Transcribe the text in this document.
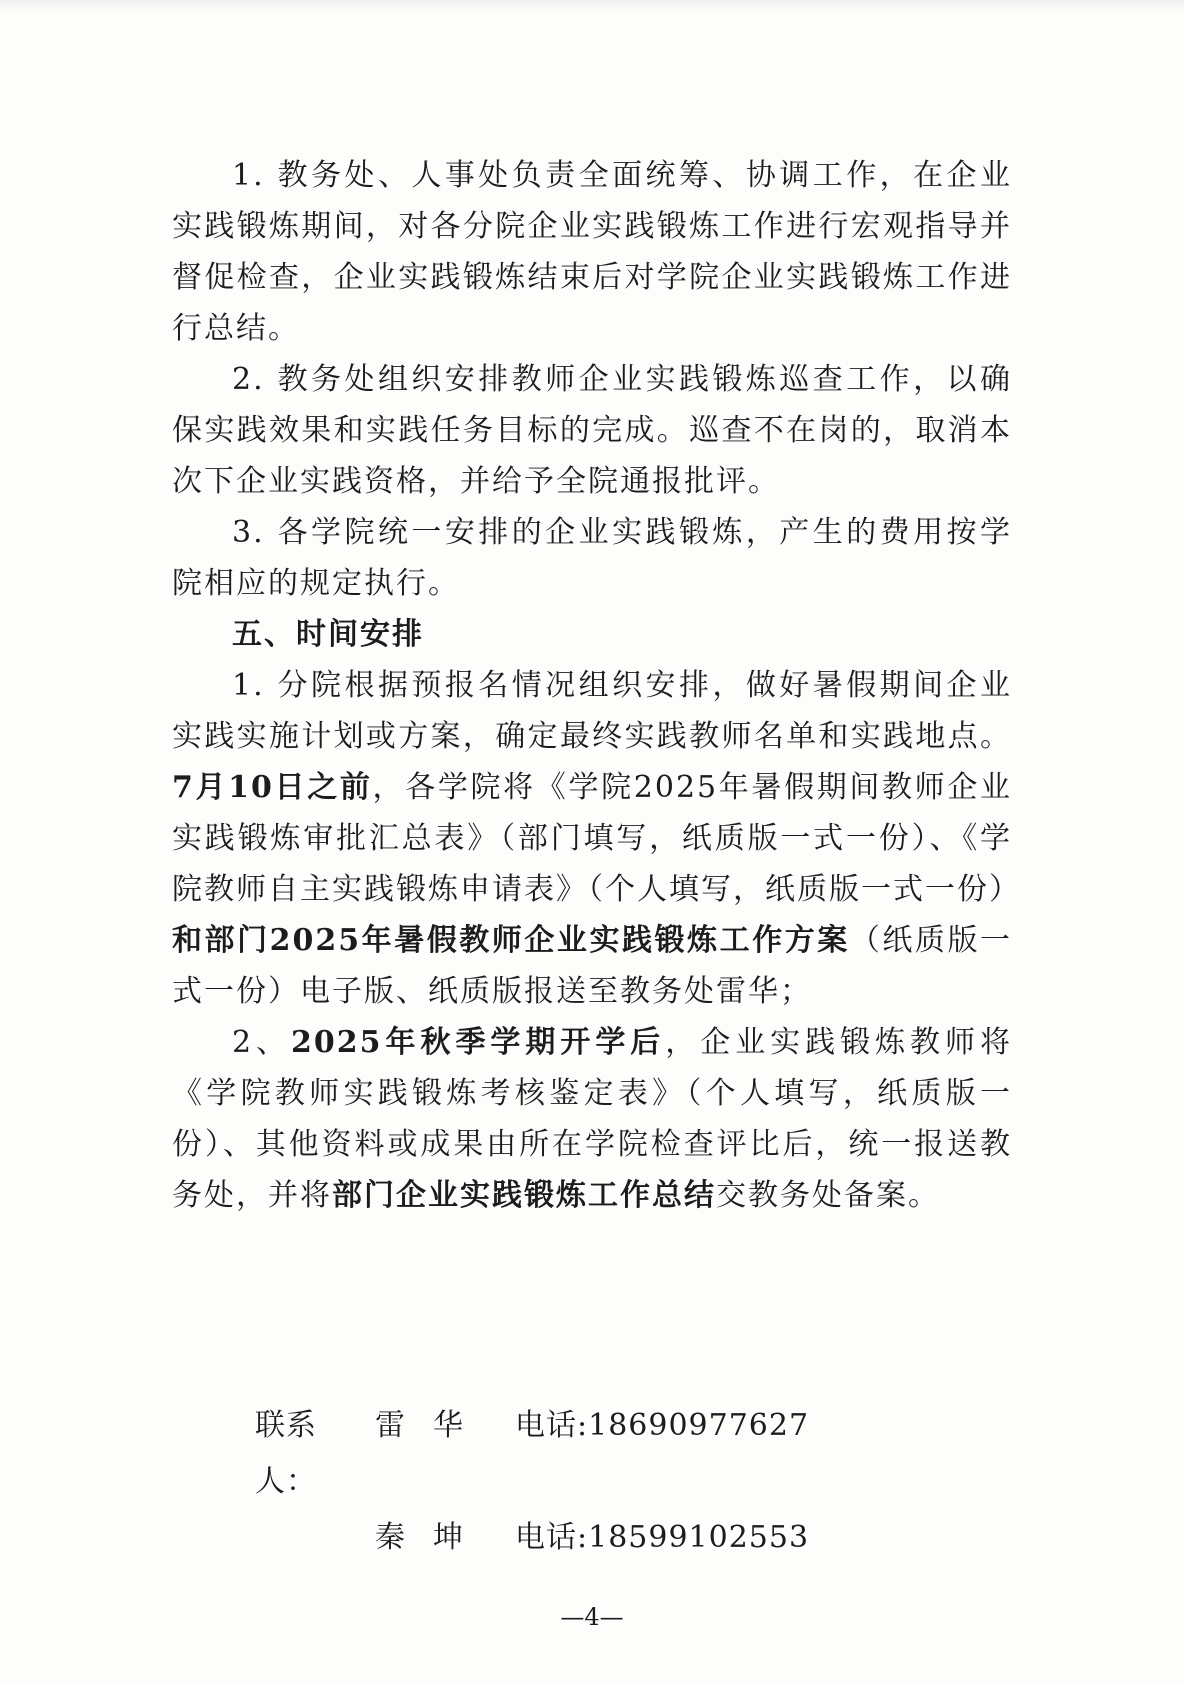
1. 教务处、人事处负责全面统筹、协调工作，在企业实践锻炼期间，对各分院企业实践锻炼工作进行宏观指导并督促检查，企业实践锻炼结束后对学院企业实践锻炼工作进行总结。

2. 教务处组织安排教师企业实践锻炼巡查工作，以确保实践效果和实践任务目标的完成。巡查不在岗的，取消本次下企业实践资格，并给予全院通报批评。

3. 各学院统一安排的企业实践锻炼，产生的费用按学院相应的规定执行。

五、时间安排

1. 分院根据预报名情况组织安排，做好暑假期间企业实践实施计划或方案，确定最终实践教师名单和实践地点。7月10日之前，各学院将《学院2025年暑假期间教师企业实践锻炼审批汇总表》（部门填写，纸质版一式一份）、《学院教师自主实践锻炼申请表》（个人填写，纸质版一式一份）和部门2025年暑假教师企业实践锻炼工作方案（纸质版一式一份）电子版、纸质版报送至教务处雷华；

2、2025年秋季学期开学后，企业实践锻炼教师将《学院教师实践锻炼考核鉴定表》（个人填写，纸质版一份）、其他资料或成果由所在学院检查评比后，统一报送教务处，并将部门企业实践锻炼工作总结交教务处备案。

联系人：
雷华 电话:18690977627
秦坤 电话:18599102553
—4—
